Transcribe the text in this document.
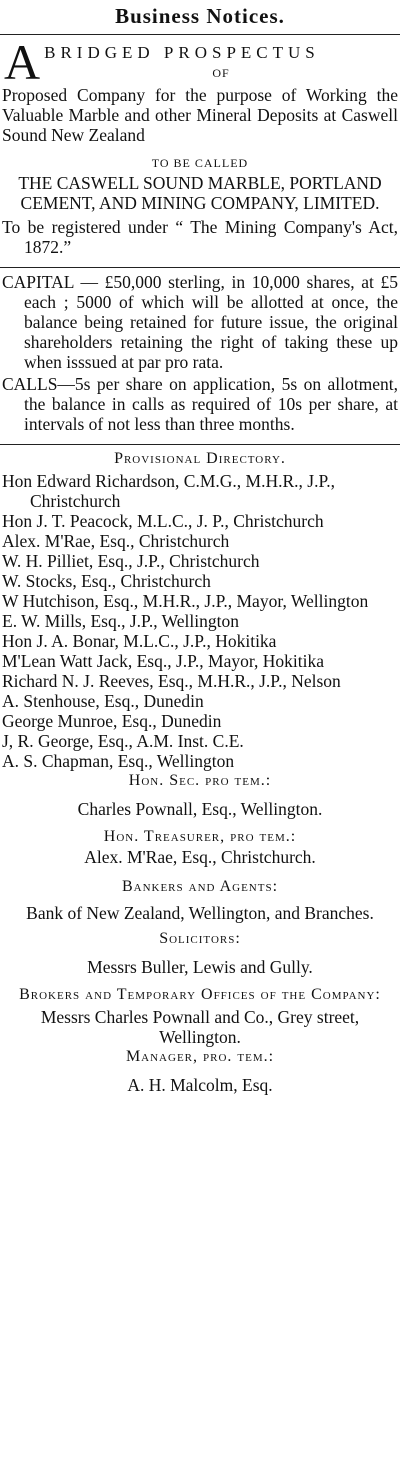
Business Notices.
A BRIDGED PROSPECTUS
OF
Proposed Company for the purpose of Working the Valuable Marble and other Mineral Deposits at Caswell Sound New Zealand
TO BE CALLED
THE CASWELL SOUND MARBLE, PORTLAND CEMENT, AND MINING COMPANY, LIMITED.
To be registered under “ The Mining Company's Act, 1872.”
CAPITAL — £50,000 sterling, in 10,000 shares, at £5 each ; 5000 of which will be allotted at once, the balance being retained for future issue, the original shareholders retaining the right of taking these up when isssued at par pro rata.
CALLS—5s per share on application, 5s on allotment, the balance in calls as required of 10s per share, at intervals of not less than three months.
Provisional Directory.
Hon Edward Richardson, C.M.G., M.H.R., J.P., Christchurch
Hon J. T. Peacock, M.L.C., J. P., Christchurch
Alex. M'Rae, Esq., Christchurch
W. H. Pilliet, Esq., J.P., Christchurch
W. Stocks, Esq., Christchurch
W Hutchison, Esq., M.H.R., J.P., Mayor, Wellington
E. W. Mills, Esq., J.P., Wellington
Hon J. A. Bonar, M.L.C., J.P., Hokitika
M'Lean Watt Jack, Esq., J.P., Mayor, Hokitika
Richard N. J. Reeves, Esq., M.H.R., J.P., Nelson
A. Stenhouse, Esq., Dunedin
George Munroe, Esq., Dunedin
J, R. George, Esq., A.M. Inst. C.E.
A. S. Chapman, Esq., Wellington
Hon. Sec. pro tem.:
Charles Pownall, Esq., Wellington.
Hon. Treasurer, pro tem.:
Alex. M'Rae, Esq., Christchurch.
Bankers and Agents:
Bank of New Zealand, Wellington, and Branches.
Solicitors:
Messrs Buller, Lewis and Gully.
Brokers and Temporary Offices of the Company:
Messrs Charles Pownall and Co., Grey street, Wellington.
Manager, pro. tem.:
A. H. Malcolm, Esq.
